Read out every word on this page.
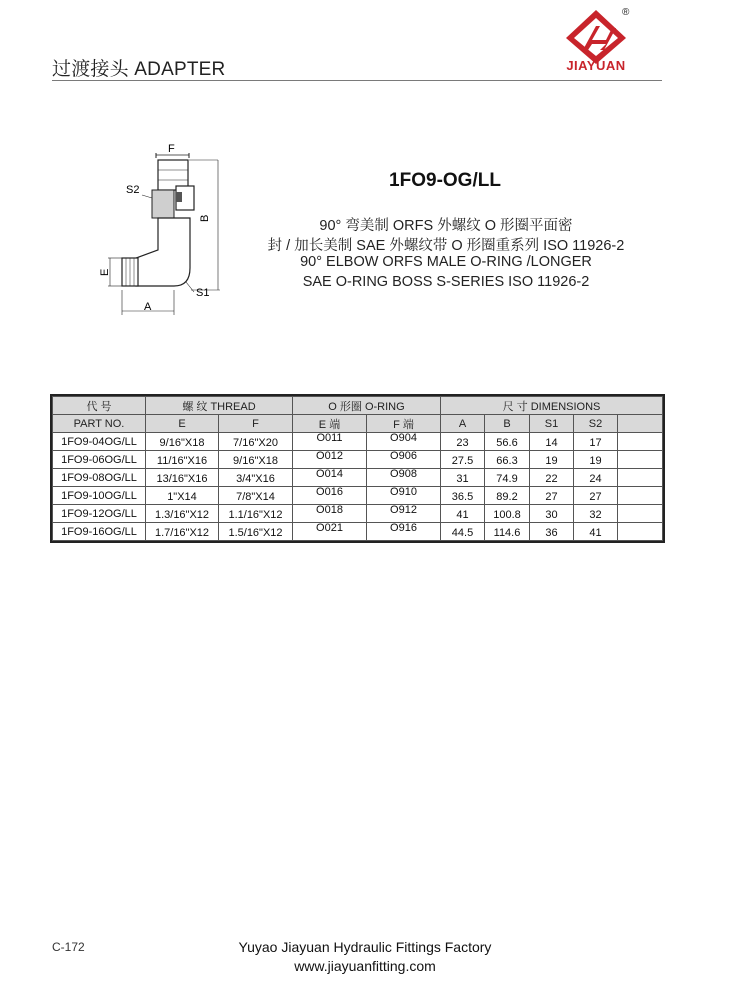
过渡接头 ADAPTER
®
JIAYUAN
F
B
S2
E
A
S1
1FO9-OG/LL
90° 弯美制 ORFS 外螺纹 O 形圈平面密
封 / 加长美制 SAE 外螺纹带 O 形圈重系列 ISO 11926-2
90° ELBOW ORFS MALE O-RING /LONGER
SAE O-RING BOSS S-SERIES ISO 11926-2
代 号	螺 纹 THREAD		O 形圈 O-RING		尺 寸 DIMENSIONS				
PART NO.	E	F	E 端	F 端	A	B	S1	S2	
1FO9-04OG/LL	9/16"X18	7/16"X20	O011	O904	23	56.6	14	17	
1FO9-06OG/LL	11/16"X16	9/16"X18	O012	O906	27.5	66.3	19	19	
1FO9-08OG/LL	13/16"X16	3/4"X16	O014	O908	31	74.9	22	24	
1FO9-10OG/LL	1"X14	7/8"X14	O016	O910	36.5	89.2	27	27	
1FO9-12OG/LL	1.3/16"X12	1.1/16"X12	O018	O912	41	100.8	30	32	
1FO9-16OG/LL	1.7/16"X12	1.5/16"X12	O021	O916	44.5	114.6	36	41	
C-172	Yuyao Jiayuan Hydraulic Fittings Factory
www.jiayuanfitting.com
